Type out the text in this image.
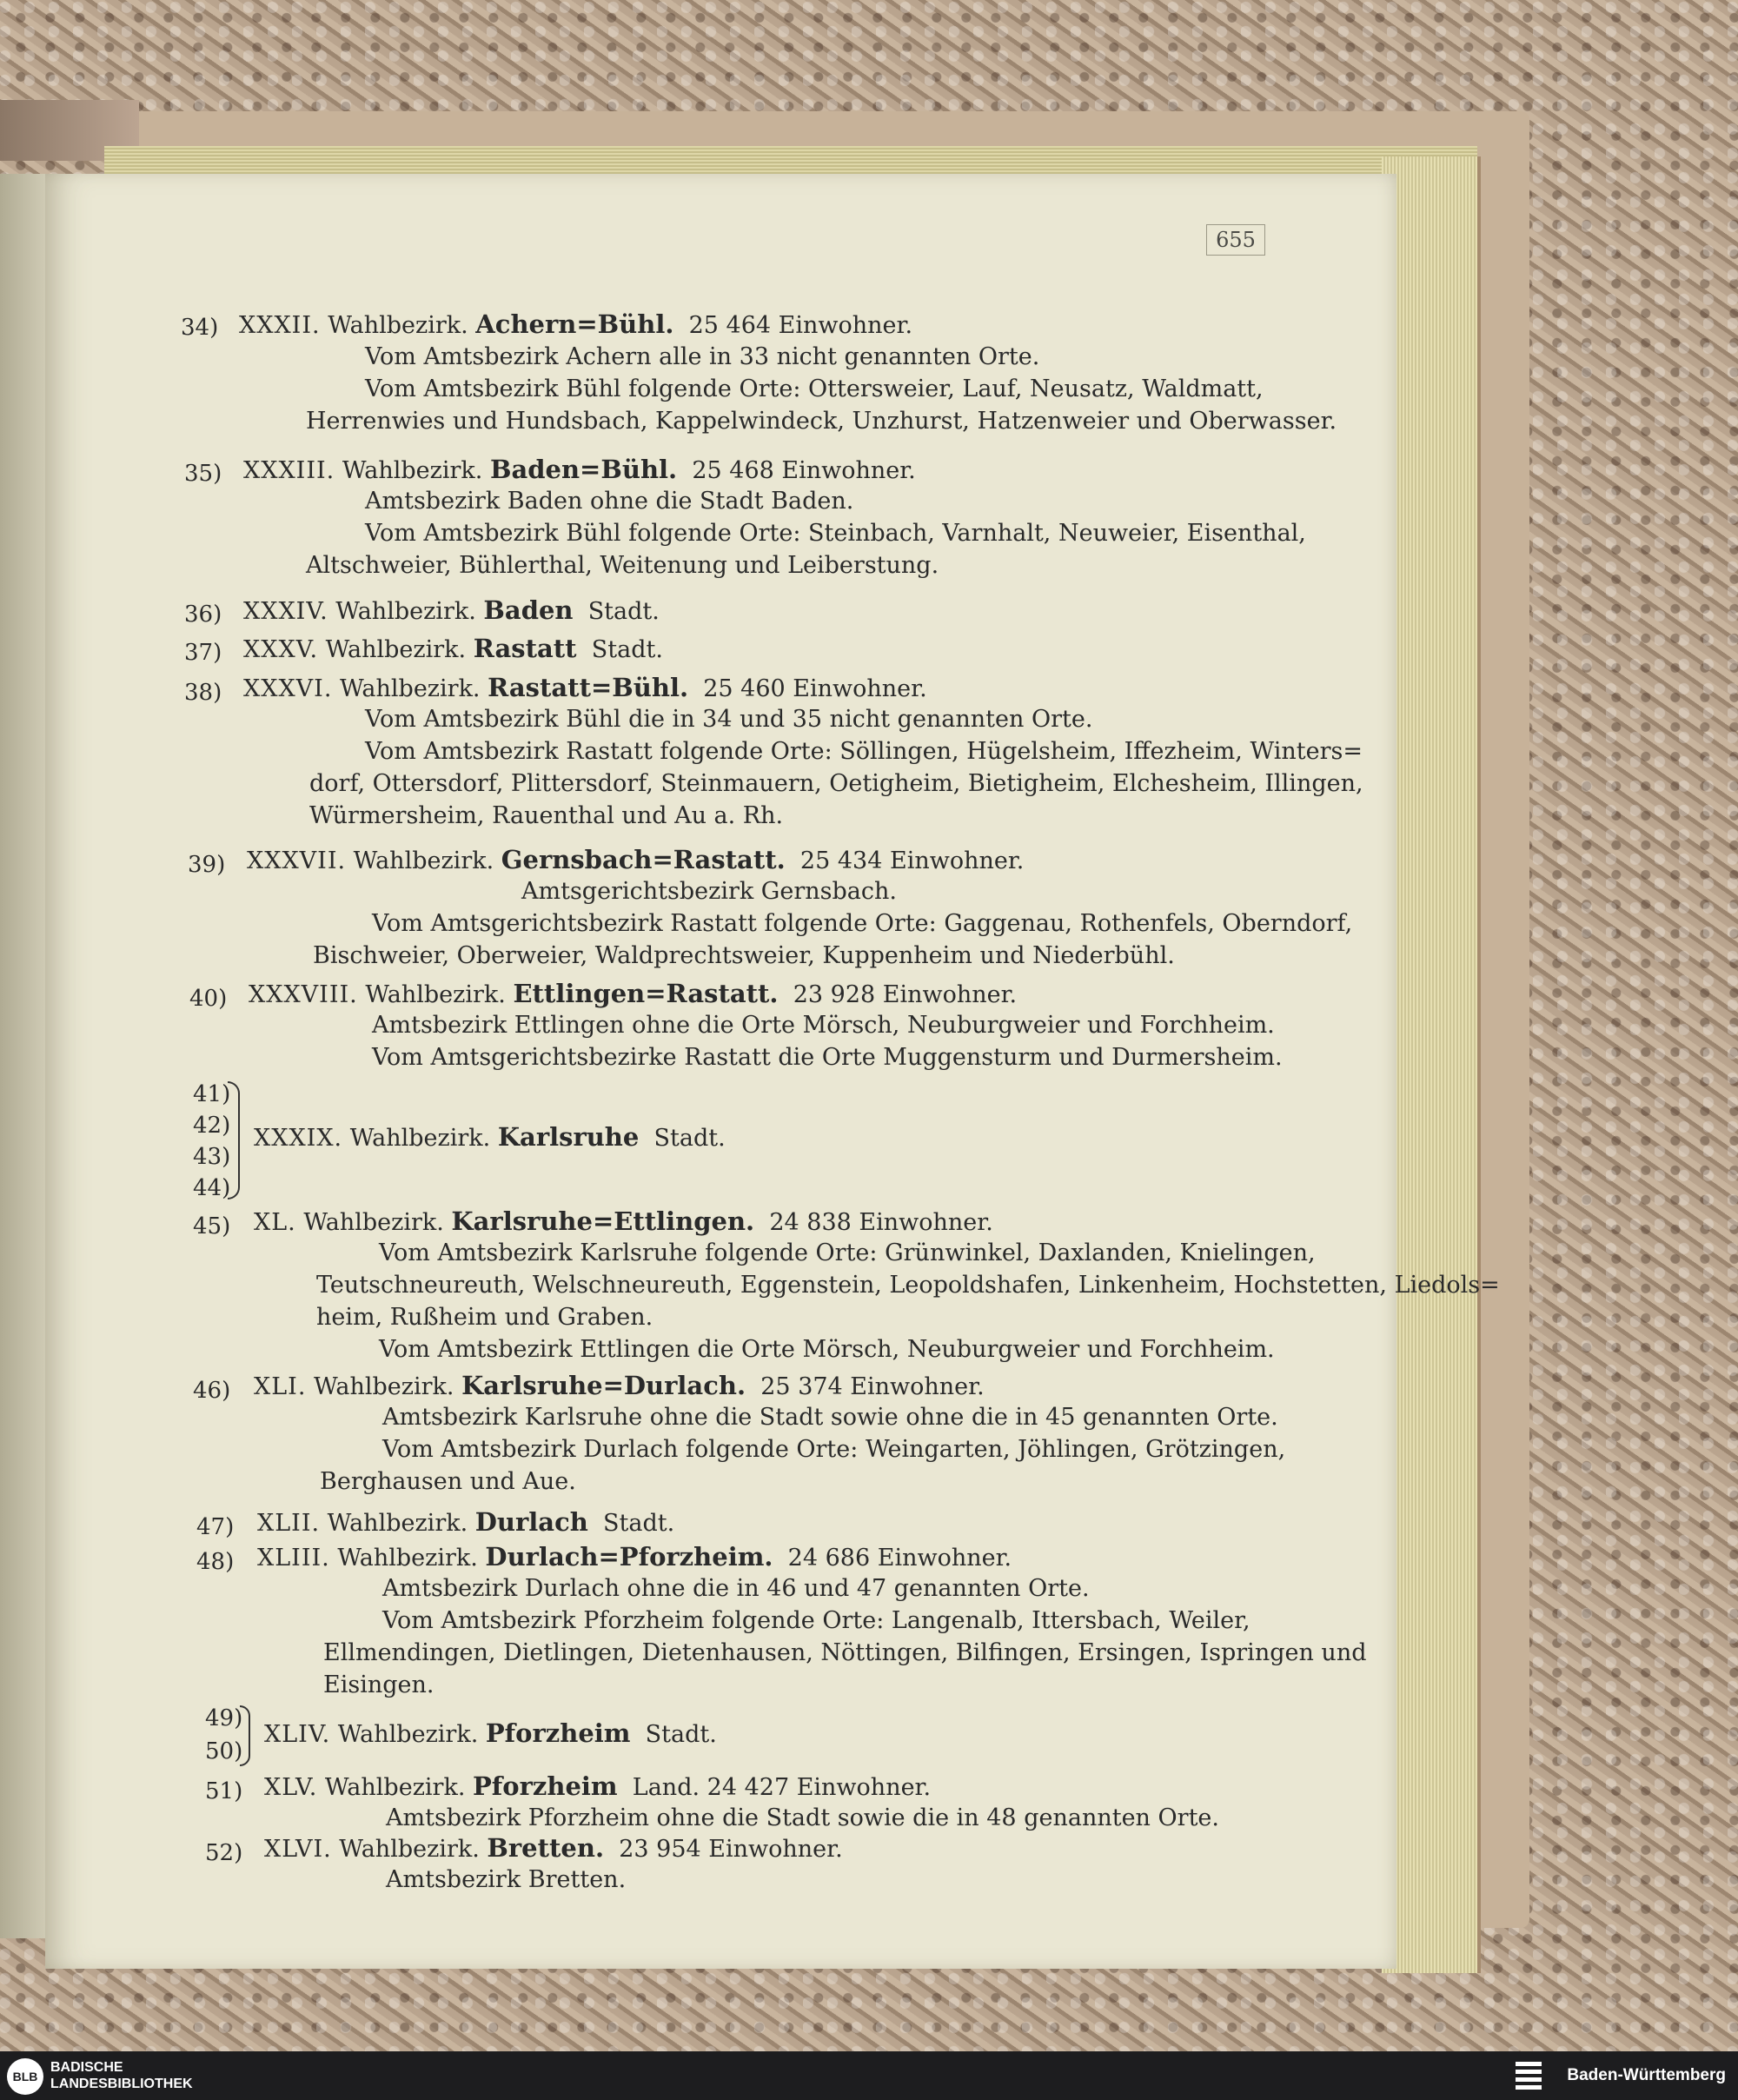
655
34) XXXII. Wahlbezirk. Achern=Bühl. 25 464 Einwohner.
Vom Amtsbezirk Achern alle in 33 nicht genannten Orte.
Vom Amtsbezirk Bühl folgende Orte: Ottersweier, Lauf, Neusatz, Waldmatt,
Herrenwies und Hundsbach, Kappelwindeck, Unzhurst, Hatzenweier und Oberwasser.
35) XXXIII. Wahlbezirk. Baden=Bühl. 25 468 Einwohner.
Amtsbezirk Baden ohne die Stadt Baden.
Vom Amtsbezirk Bühl folgende Orte: Steinbach, Varnhalt, Neuweier, Eisenthal,
Altschweier, Bühlerthal, Weitenung und Leiberstung.
36) XXXIV. Wahlbezirk. Baden Stadt.
37) XXXV. Wahlbezirk. Rastatt Stadt.
38) XXXVI. Wahlbezirk. Rastatt=Bühl. 25 460 Einwohner.
Vom Amtsbezirk Bühl die in 34 und 35 nicht genannten Orte.
Vom Amtsbezirk Rastatt folgende Orte: Söllingen, Hügelsheim, Iffezheim, Winters=
dorf, Ottersdorf, Plittersdorf, Steinmauern, Oetigheim, Bietigheim, Elchesheim, Illingen,
Würmersheim, Rauenthal und Au a. Rh.
39) XXXVII. Wahlbezirk. Gernsbach=Rastatt. 25 434 Einwohner.
Amtsgerichtsbezirk Gernsbach.
Vom Amtsgerichtsbezirk Rastatt folgende Orte: Gaggenau, Rothenfels, Oberndorf,
Bischweier, Oberweier, Waldprechtsweier, Kuppenheim und Niederbühl.
40) XXXVIII. Wahlbezirk. Ettlingen=Rastatt. 23 928 Einwohner.
Amtsbezirk Ettlingen ohne die Orte Mörsch, Neuburgweier und Forchheim.
Vom Amtsgerichtsbezirke Rastatt die Orte Muggensturm und Durmersheim.
41)
42)
43)
44)
XXXIX. Wahlbezirk. Karlsruhe Stadt.
45) XL. Wahlbezirk. Karlsruhe=Ettlingen. 24 838 Einwohner.
Vom Amtsbezirk Karlsruhe folgende Orte: Grünwinkel, Daxlanden, Knielingen,
Teutschneureuth, Welschneureuth, Eggenstein, Leopoldshafen, Linkenheim, Hochstetten, Liedols=
heim, Rußheim und Graben.
Vom Amtsbezirk Ettlingen die Orte Mörsch, Neuburgweier und Forchheim.
46) XLI. Wahlbezirk. Karlsruhe=Durlach. 25 374 Einwohner.
Amtsbezirk Karlsruhe ohne die Stadt sowie ohne die in 45 genannten Orte.
Vom Amtsbezirk Durlach folgende Orte: Weingarten, Jöhlingen, Grötzingen,
Berghausen und Aue.
47) XLII. Wahlbezirk. Durlach Stadt.
48) XLIII. Wahlbezirk. Durlach=Pforzheim. 24 686 Einwohner.
Amtsbezirk Durlach ohne die in 46 und 47 genannten Orte.
Vom Amtsbezirk Pforzheim folgende Orte: Langenalb, Ittersbach, Weiler,
Ellmendingen, Dietlingen, Dietenhausen, Nöttingen, Bilfingen, Ersingen, Ispringen und
Eisingen.
49)
50)
XLIV. Wahlbezirk. Pforzheim Stadt.
51) XLV. Wahlbezirk. Pforzheim Land. 24 427 Einwohner.
Amtsbezirk Pforzheim ohne die Stadt sowie die in 48 genannten Orte.
52) XLVI. Wahlbezirk. Bretten. 23 954 Einwohner.
Amtsbezirk Bretten.
BLB
BADISCHE
LANDESBIBLIOTHEK	Baden-Württemberg
